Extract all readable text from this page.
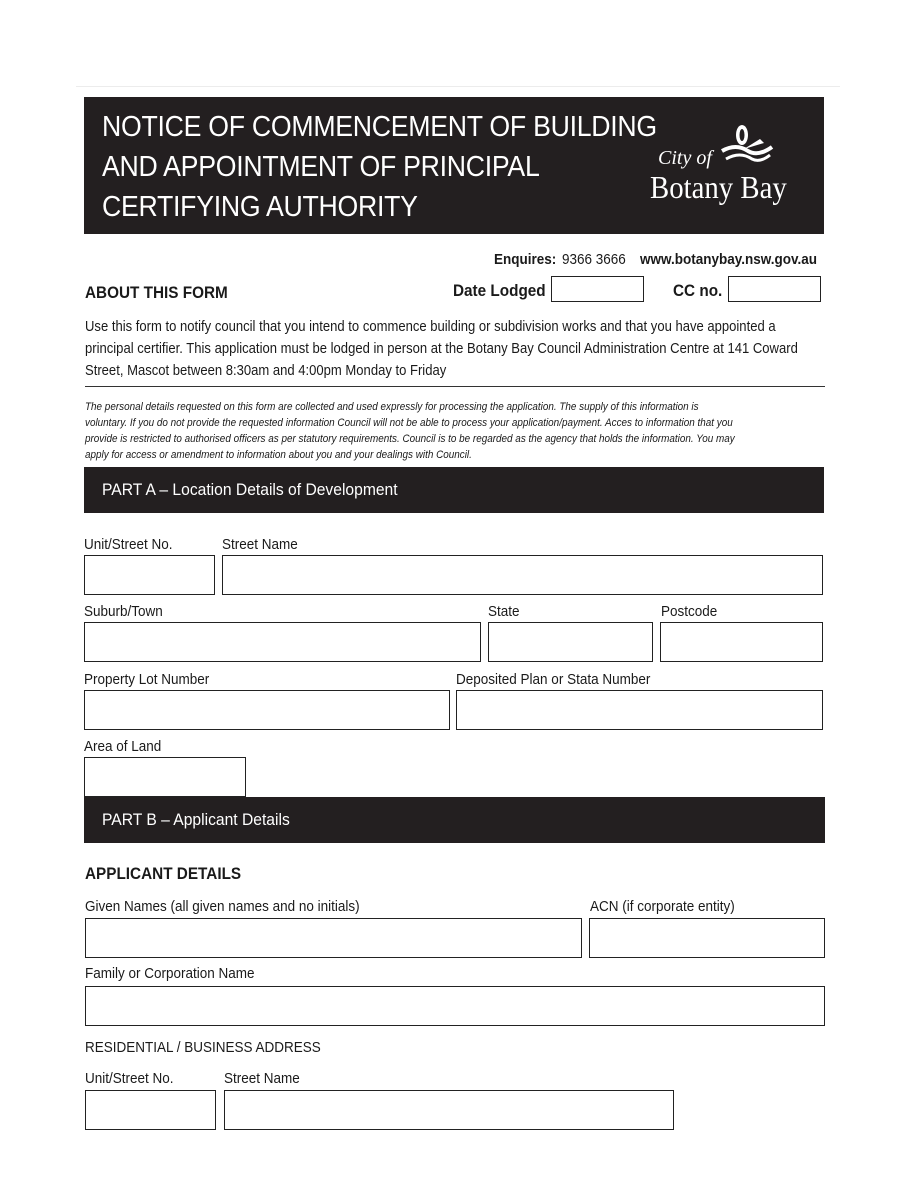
NOTICE OF COMMENCEMENT OF BUILDING
AND APPOINTMENT OF PRINCIPAL
CERTIFYING AUTHORITY
City of
Botany Bay
Enquires: 9366 3666 www.botanybay.nsw.gov.au
ABOUT THIS FORM	Date Lodged	CC no.
Use this form to notify council that you intend to commence building or subdivision works and that you have appointed a
principal certifier. This application must be lodged in person at the Botany Bay Council Administration Centre at 141 Coward
Street, Mascot between 8:30am and 4:00pm Monday to Friday
The personal details requested on this form are collected and used expressly for processing the application. The supply of this information is
voluntary. If you do not provide the requested information Council will not be able to process your application/payment. Acces to information that you
provide is restricted to authorised officers as per statutory requirements. Council is to be regarded as the agency that holds the information. You may
apply for access or amendment to information about you and your dealings with Council.
PART A – Location Details of Development
Unit/Street No.	Street Name
Suburb/Town	State	Postcode
Property Lot Number	Deposited Plan or Stata Number
Area of Land
PART B – Applicant Details
APPLICANT DETAILS
Given Names (all given names and no initials)	ACN (if corporate entity)
Family or Corporation Name
RESIDENTIAL / BUSINESS ADDRESS
Unit/Street No.	Street Name
